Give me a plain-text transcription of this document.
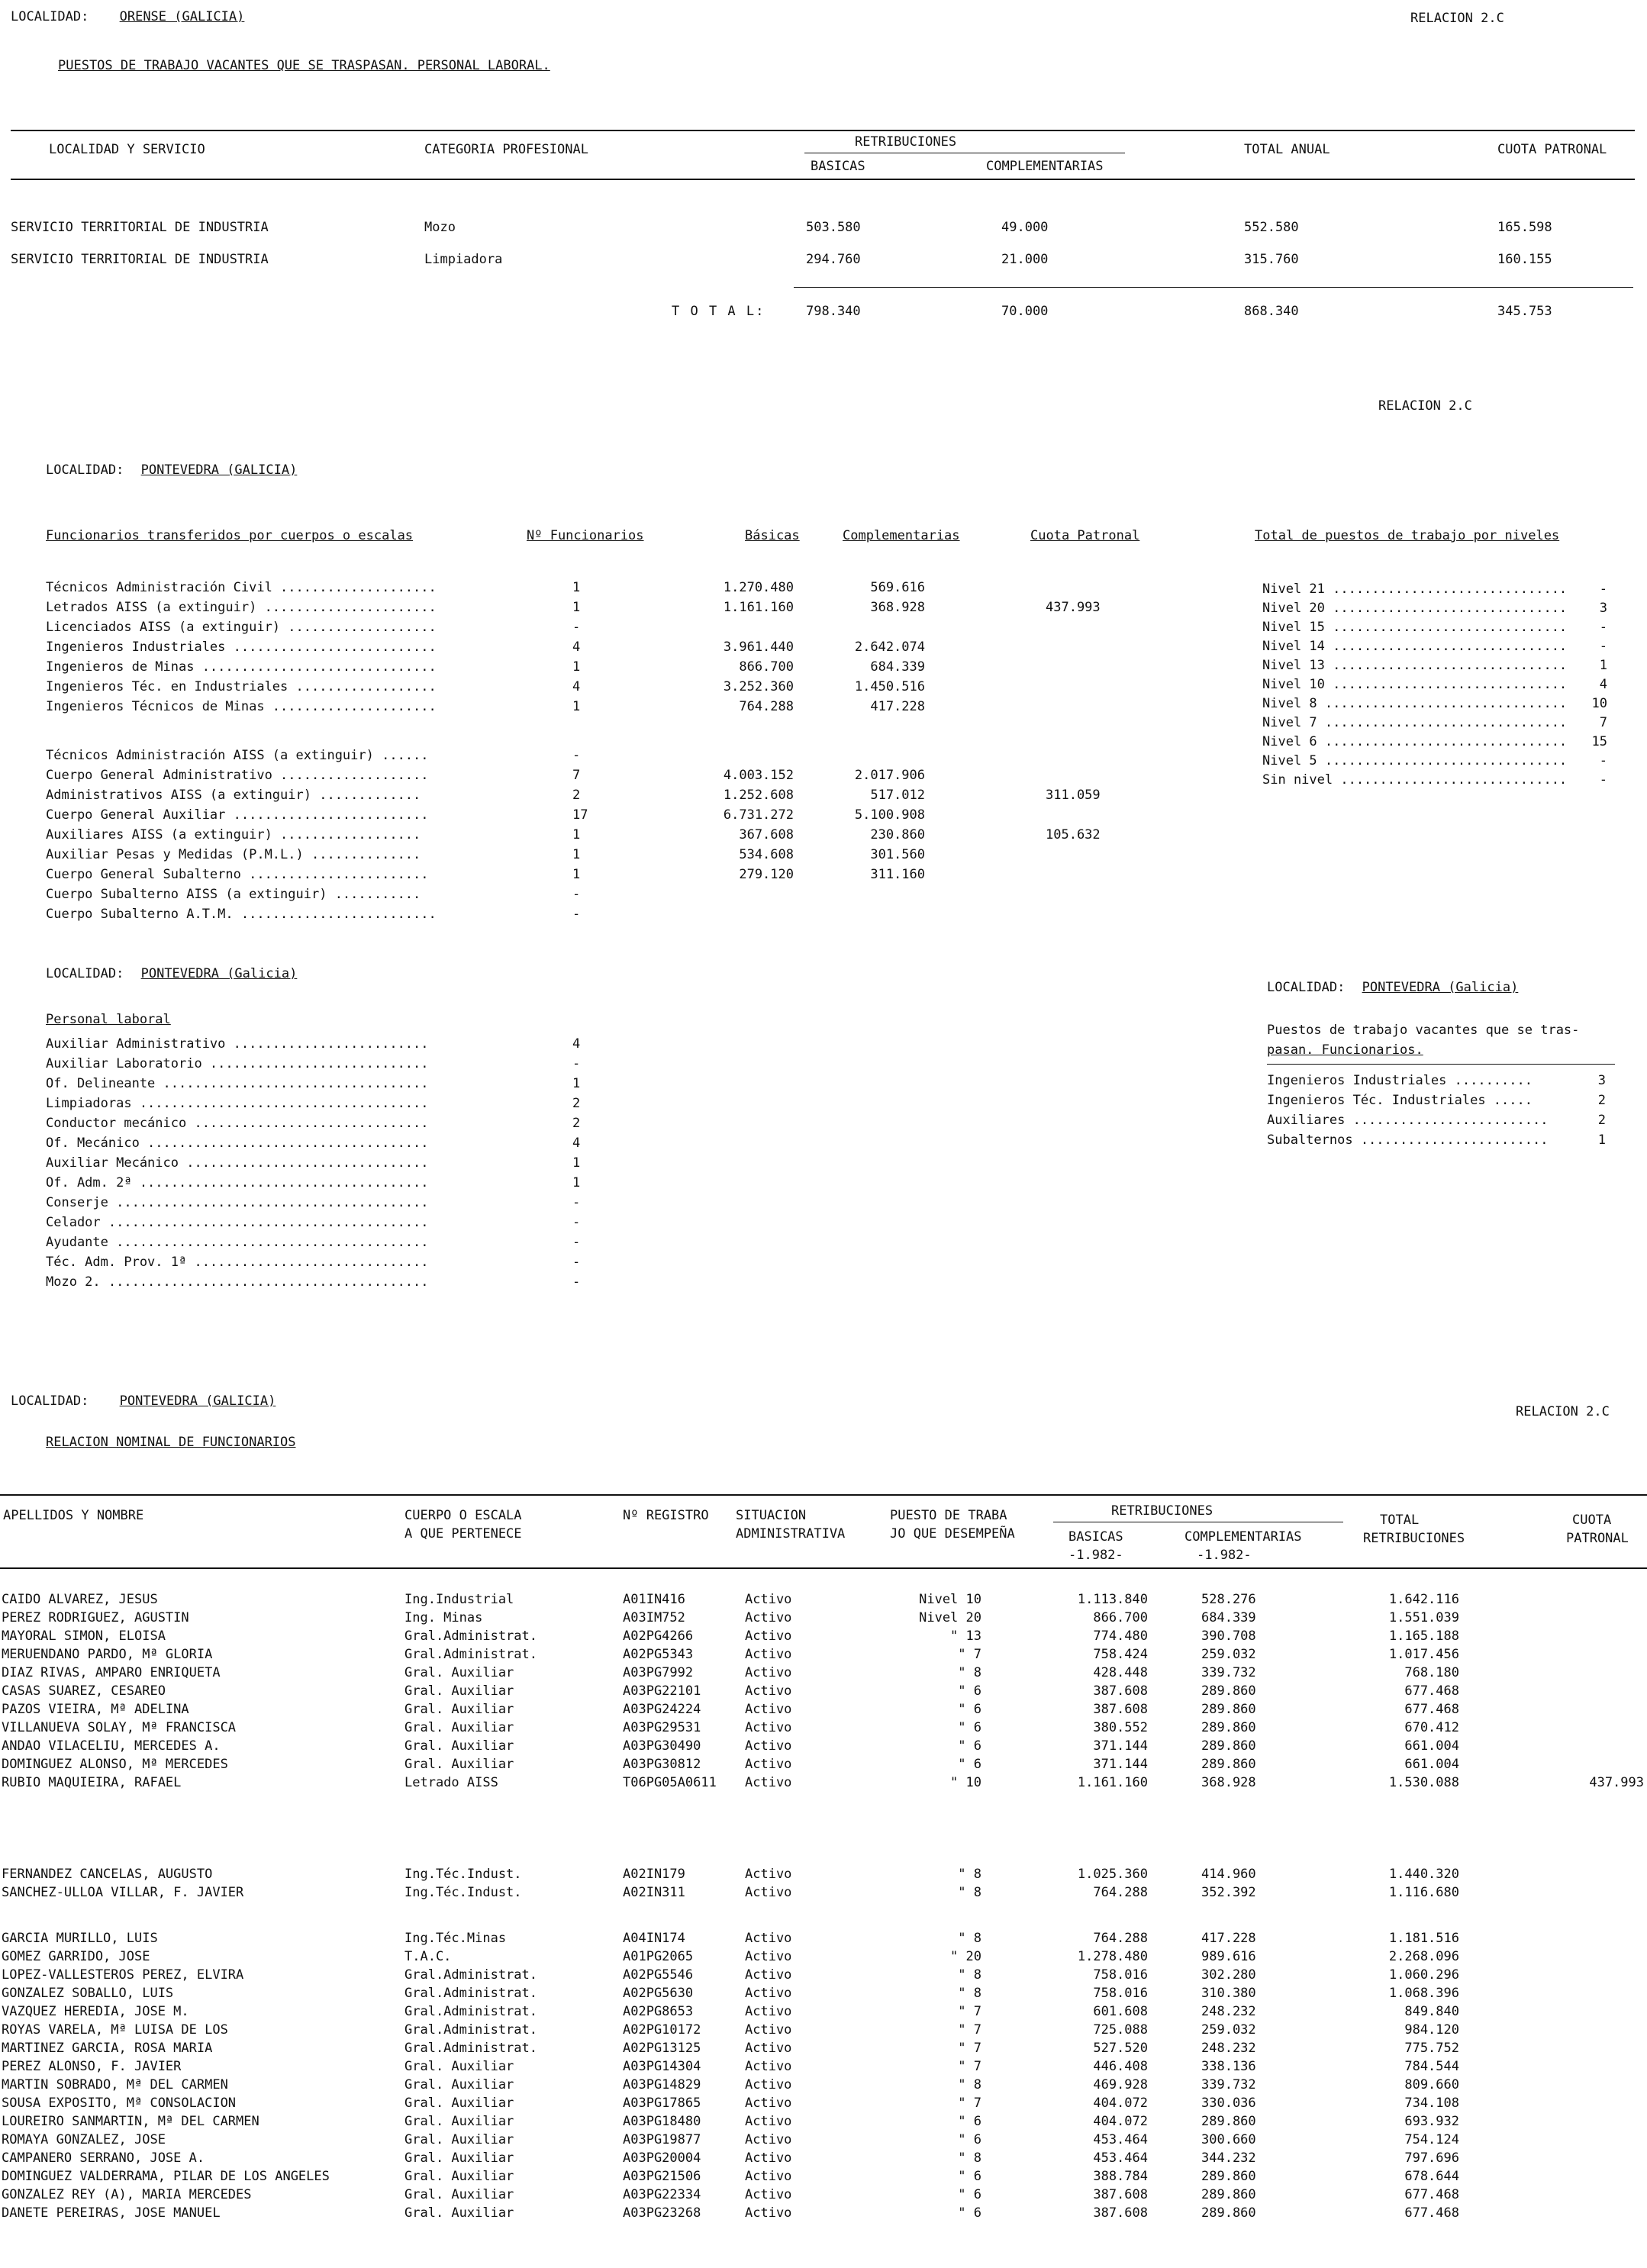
LOCALIDAD: ORENSE (GALICIA)	RELACION 2.C
PUESTOS DE TRABAJO VACANTES QUE SE TRASPASAN. PERSONAL LABORAL.
LOCALIDAD Y SERVICIO	CATEGORIA PROFESIONAL	RETRIBUCIONES
BASICAS	COMPLEMENTARIAS
TOTAL ANUAL	CUOTA PATRONAL
SERVICIO TERRITORIAL DE INDUSTRIA	Mozo	503.580	49.000	552.580	165.598
SERVICIO TERRITORIAL DE INDUSTRIA	Limpiadora	294.760	21.000	315.760	160.155
T O T A L:	798.340	70.000	868.340	345.753
RELACION 2.C
LOCALIDAD: PONTEVEDRA (GALICIA)
Funcionarios transferidos por cuerpos o escalas	Nº Funcionarios	Básicas	Complementarias	Cuota Patronal	Total de puestos de trabajo por niveles
Técnicos Administración Civil ....................	1	1.270.480	569.616
Letrados AISS (a extinguir) ......................	1	1.161.160	368.928	437.993
Licenciados AISS (a extinguir) ...................	-
Ingenieros Industriales ..........................	4	3.961.440	2.642.074
Ingenieros de Minas ..............................	1	866.700	684.339
Ingenieros Téc. en Industriales ..................	4	3.252.360	1.450.516
Ingenieros Técnicos de Minas .....................	1	764.288	417.228
Técnicos Administración AISS (a extinguir) ......	-
Cuerpo General Administrativo ...................	7	4.003.152	2.017.906
Administrativos AISS (a extinguir) .............	2	1.252.608	517.012	311.059
Cuerpo General Auxiliar .........................	17	6.731.272	5.100.908
Auxiliares AISS (a extinguir) ..................	1	367.608	230.860	105.632
Auxiliar Pesas y Medidas (P.M.L.) ..............	1	534.608	301.560
Cuerpo General Subalterno .......................	1	279.120	311.160
Cuerpo Subalterno AISS (a extinguir) ...........	-
Cuerpo Subalterno A.T.M. .........................	-
Nivel 21 ..............................	-
Nivel 20 ..............................	3
Nivel 15 ..............................	-
Nivel 14 ..............................	-
Nivel 13 ..............................	1
Nivel 10 ..............................	4
Nivel 8 ............................... 10
Nivel 7 ...............................	7
Nivel 6 ............................... 15
Nivel 5 ...............................	-
Sin nivel .............................	-
LOCALIDAD: PONTEVEDRA (Galicia)
Personal laboral
Auxiliar Administrativo .........................	4
Auxiliar Laboratorio ............................	-
Of. Delineante ..................................	1
Limpiadoras .....................................	2
Conductor mecánico ..............................	2
Of. Mecánico ....................................	4
Auxiliar Mecánico ...............................	1
Of. Adm. 2ª .....................................	1
Conserje ........................................	-
Celador .........................................	-
Ayudante ........................................	-
Téc. Adm. Prov. 1ª ..............................	-
Mozo 2. .........................................	-
LOCALIDAD: PONTEVEDRA (Galicia)
Puestos de trabajo vacantes que se tras-
pasan. Funcionarios.
Ingenieros Industriales ..........	3
Ingenieros Téc. Industriales .....	2
Auxiliares .........................	2
Subalternos ........................	1
LOCALIDAD: PONTEVEDRA (GALICIA)
RELACION 2.C
RELACION NOMINAL DE FUNCIONARIOS
APELLIDOS Y NOMBRE	CUERPO O ESCALA
A QUE PERTENECE
Nº REGISTRO SITUACION
ADMINISTRATIVA
PUESTO DE TRABA
JO QUE DESEMPEÑA
RETRIBUCIONES
BASICAS
-1.982-
COMPLEMENTARIAS
-1.982-
TOTAL
RETRIBUCIONES
CUOTA
PATRONAL
CAIDO ALVAREZ, JESUS	Ing.Industrial	A01IN416	Activo	Nivel 10	1.113.840	528.276	1.642.116
PEREZ RODRIGUEZ, AGUSTIN	Ing. Minas	A03IM752	Activo	Nivel 20	866.700	684.339	1.551.039
MAYORAL SIMON, ELOISA	Gral.Administrat.	A02PG4266	Activo	" 13	774.480	390.708	1.165.188
MERUENDANO PARDO, Mª GLORIA	Gral.Administrat.	A02PG5343	Activo	" 7	758.424	259.032	1.017.456
DIAZ RIVAS, AMPARO ENRIQUETA	Gral. Auxiliar	A03PG7992	Activo	" 8	428.448	339.732	768.180
CASAS SUAREZ, CESAREO	Gral. Auxiliar	A03PG22101	Activo	" 6	387.608	289.860	677.468
PAZOS VIEIRA, Mª ADELINA	Gral. Auxiliar	A03PG24224	Activo	" 6	387.608	289.860	677.468
VILLANUEVA SOLAY, Mª FRANCISCA	Gral. Auxiliar	A03PG29531	Activo	" 6	380.552	289.860	670.412
ANDAO VILACELIU, MERCEDES A.	Gral. Auxiliar	A03PG30490	Activo	" 6	371.144	289.860	661.004
DOMINGUEZ ALONSO, Mª MERCEDES	Gral. Auxiliar	A03PG30812	Activo	" 6	371.144	289.860	661.004
RUBIO MAQUIEIRA, RAFAEL	Letrado AISS	T06PG05A0611 Activo	" 10	1.161.160	368.928	1.530.088	437.993
FERNANDEZ CANCELAS, AUGUSTO	Ing.Téc.Indust.	A02IN179	Activo	" 8	1.025.360	414.960	1.440.320
SANCHEZ-ULLOA VILLAR, F. JAVIER	Ing.Téc.Indust.	A02IN311	Activo	" 8	764.288	352.392	1.116.680
GARCIA MURILLO, LUIS	Ing.Téc.Minas	A04IN174	Activo	" 8	764.288	417.228	1.181.516
GOMEZ GARRIDO, JOSE	T.A.C.	A01PG2065	Activo	" 20	1.278.480	989.616	2.268.096
LOPEZ-VALLESTEROS PEREZ, ELVIRA	Gral.Administrat.	A02PG5546	Activo	" 8	758.016	302.280	1.060.296
GONZALEZ SOBALLO, LUIS	Gral.Administrat.	A02PG5630	Activo	" 8	758.016	310.380	1.068.396
VAZQUEZ HEREDIA, JOSE M.	Gral.Administrat.	A02PG8653	Activo	" 7	601.608	248.232	849.840
ROYAS VARELA, Mª LUISA DE LOS	Gral.Administrat.	A02PG10172	Activo	" 7	725.088	259.032	984.120
MARTINEZ GARCIA, ROSA MARIA	Gral.Administrat.	A02PG13125	Activo	" 7	527.520	248.232	775.752
PEREZ ALONSO, F. JAVIER	Gral. Auxiliar	A03PG14304	Activo	" 7	446.408	338.136	784.544
MARTIN SOBRADO, Mª DEL CARMEN	Gral. Auxiliar	A03PG14829	Activo	" 8	469.928	339.732	809.660
SOUSA EXPOSITO, Mª CONSOLACION	Gral. Auxiliar	A03PG17865	Activo	" 7	404.072	330.036	734.108
LOUREIRO SANMARTIN, Mª DEL CARMEN	Gral. Auxiliar	A03PG18480	Activo	" 6	404.072	289.860	693.932
ROMAYA GONZALEZ, JOSE	Gral. Auxiliar	A03PG19877	Activo	" 6	453.464	300.660	754.124
CAMPANERO SERRANO, JOSE A.	Gral. Auxiliar	A03PG20004	Activo	" 8	453.464	344.232	797.696
DOMINGUEZ VALDERRAMA, PILAR DE LOS ANGELES	Gral. Auxiliar	A03PG21506	Activo	" 6	388.784	289.860	678.644
GONZALEZ REY (A), MARIA MERCEDES	Gral. Auxiliar	A03PG22334	Activo	" 6	387.608	289.860	677.468
DANETE PEREIRAS, JOSE MANUEL	Gral. Auxiliar	A03PG23268	Activo	" 6	387.608	289.860	677.468
